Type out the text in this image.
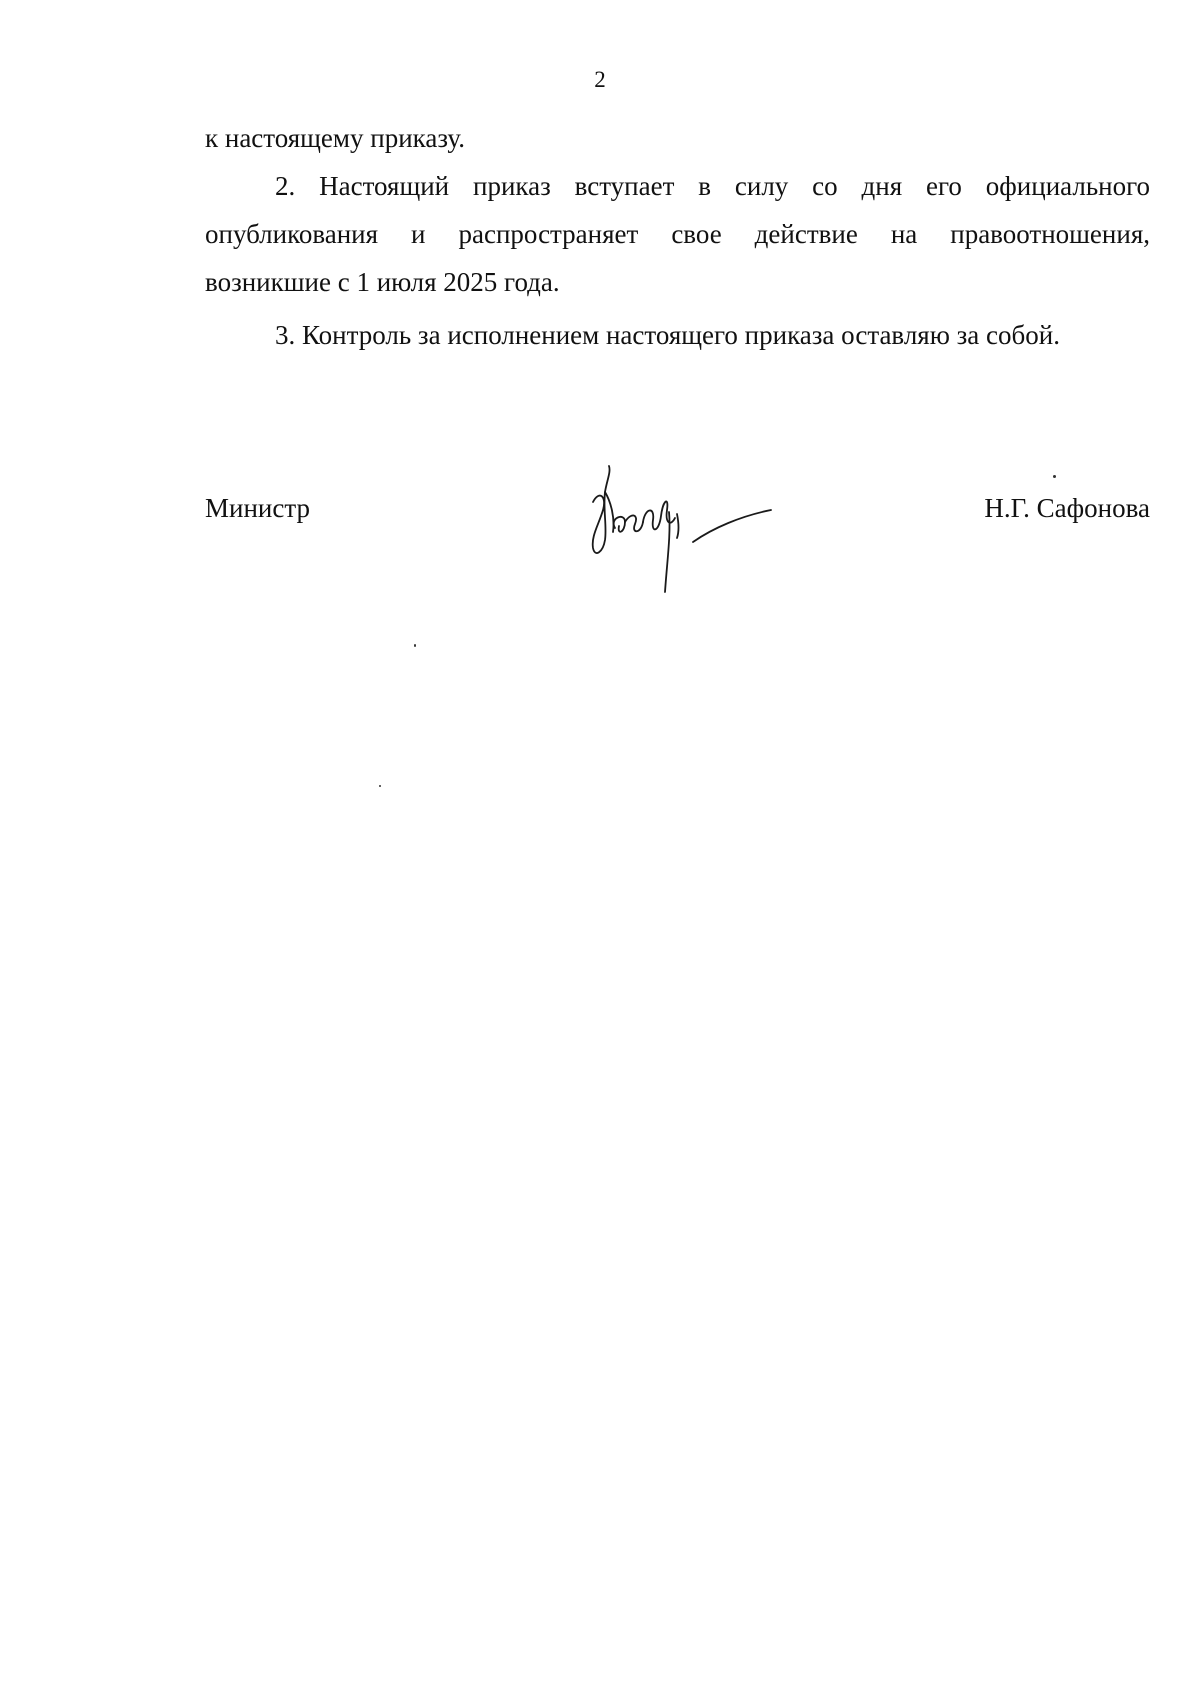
2
к настоящему приказу.
2. Настоящий приказ вступает в силу со дня его официального
опубликования и распространяет свое действие на правоотношения,
возникшие с 1 июля 2025 года.
3. Контроль за исполнением настоящего приказа оставляю за собой.
Министр	Н.Г. Сафонова
